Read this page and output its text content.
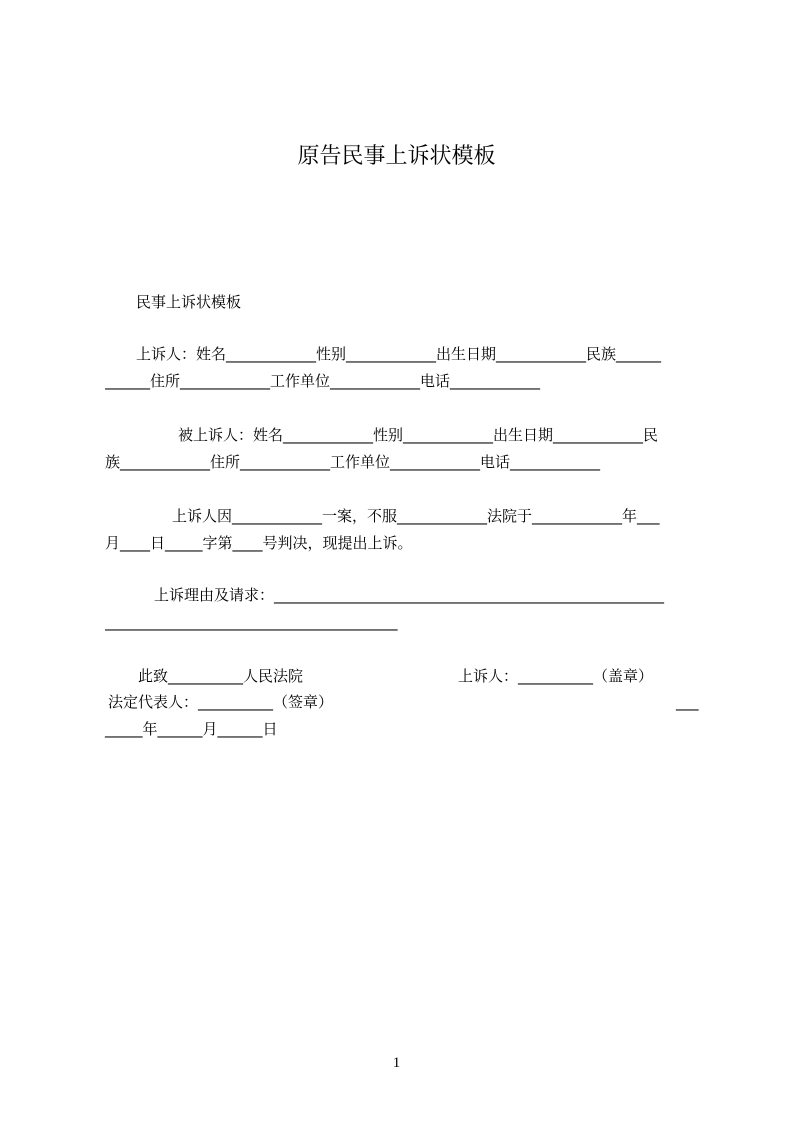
原告民事上诉状模板
民事上诉状模板
上诉人：姓名____________性别____________出生日期____________民族______
______住所____________工作单位____________电话____________
被上诉人：姓名____________性别____________出生日期____________民
族____________住所____________工作单位____________电话____________
上诉人因____________一案，不服____________法院于____________年___
月____日_____字第____号判决，现提出上诉。
上诉理由及请求：____________________________________________________
_______________________________________
此致__________人民法院	上诉人：__________（盖章）
法定代表人：__________（签章）	___
_____年______月______日
1
